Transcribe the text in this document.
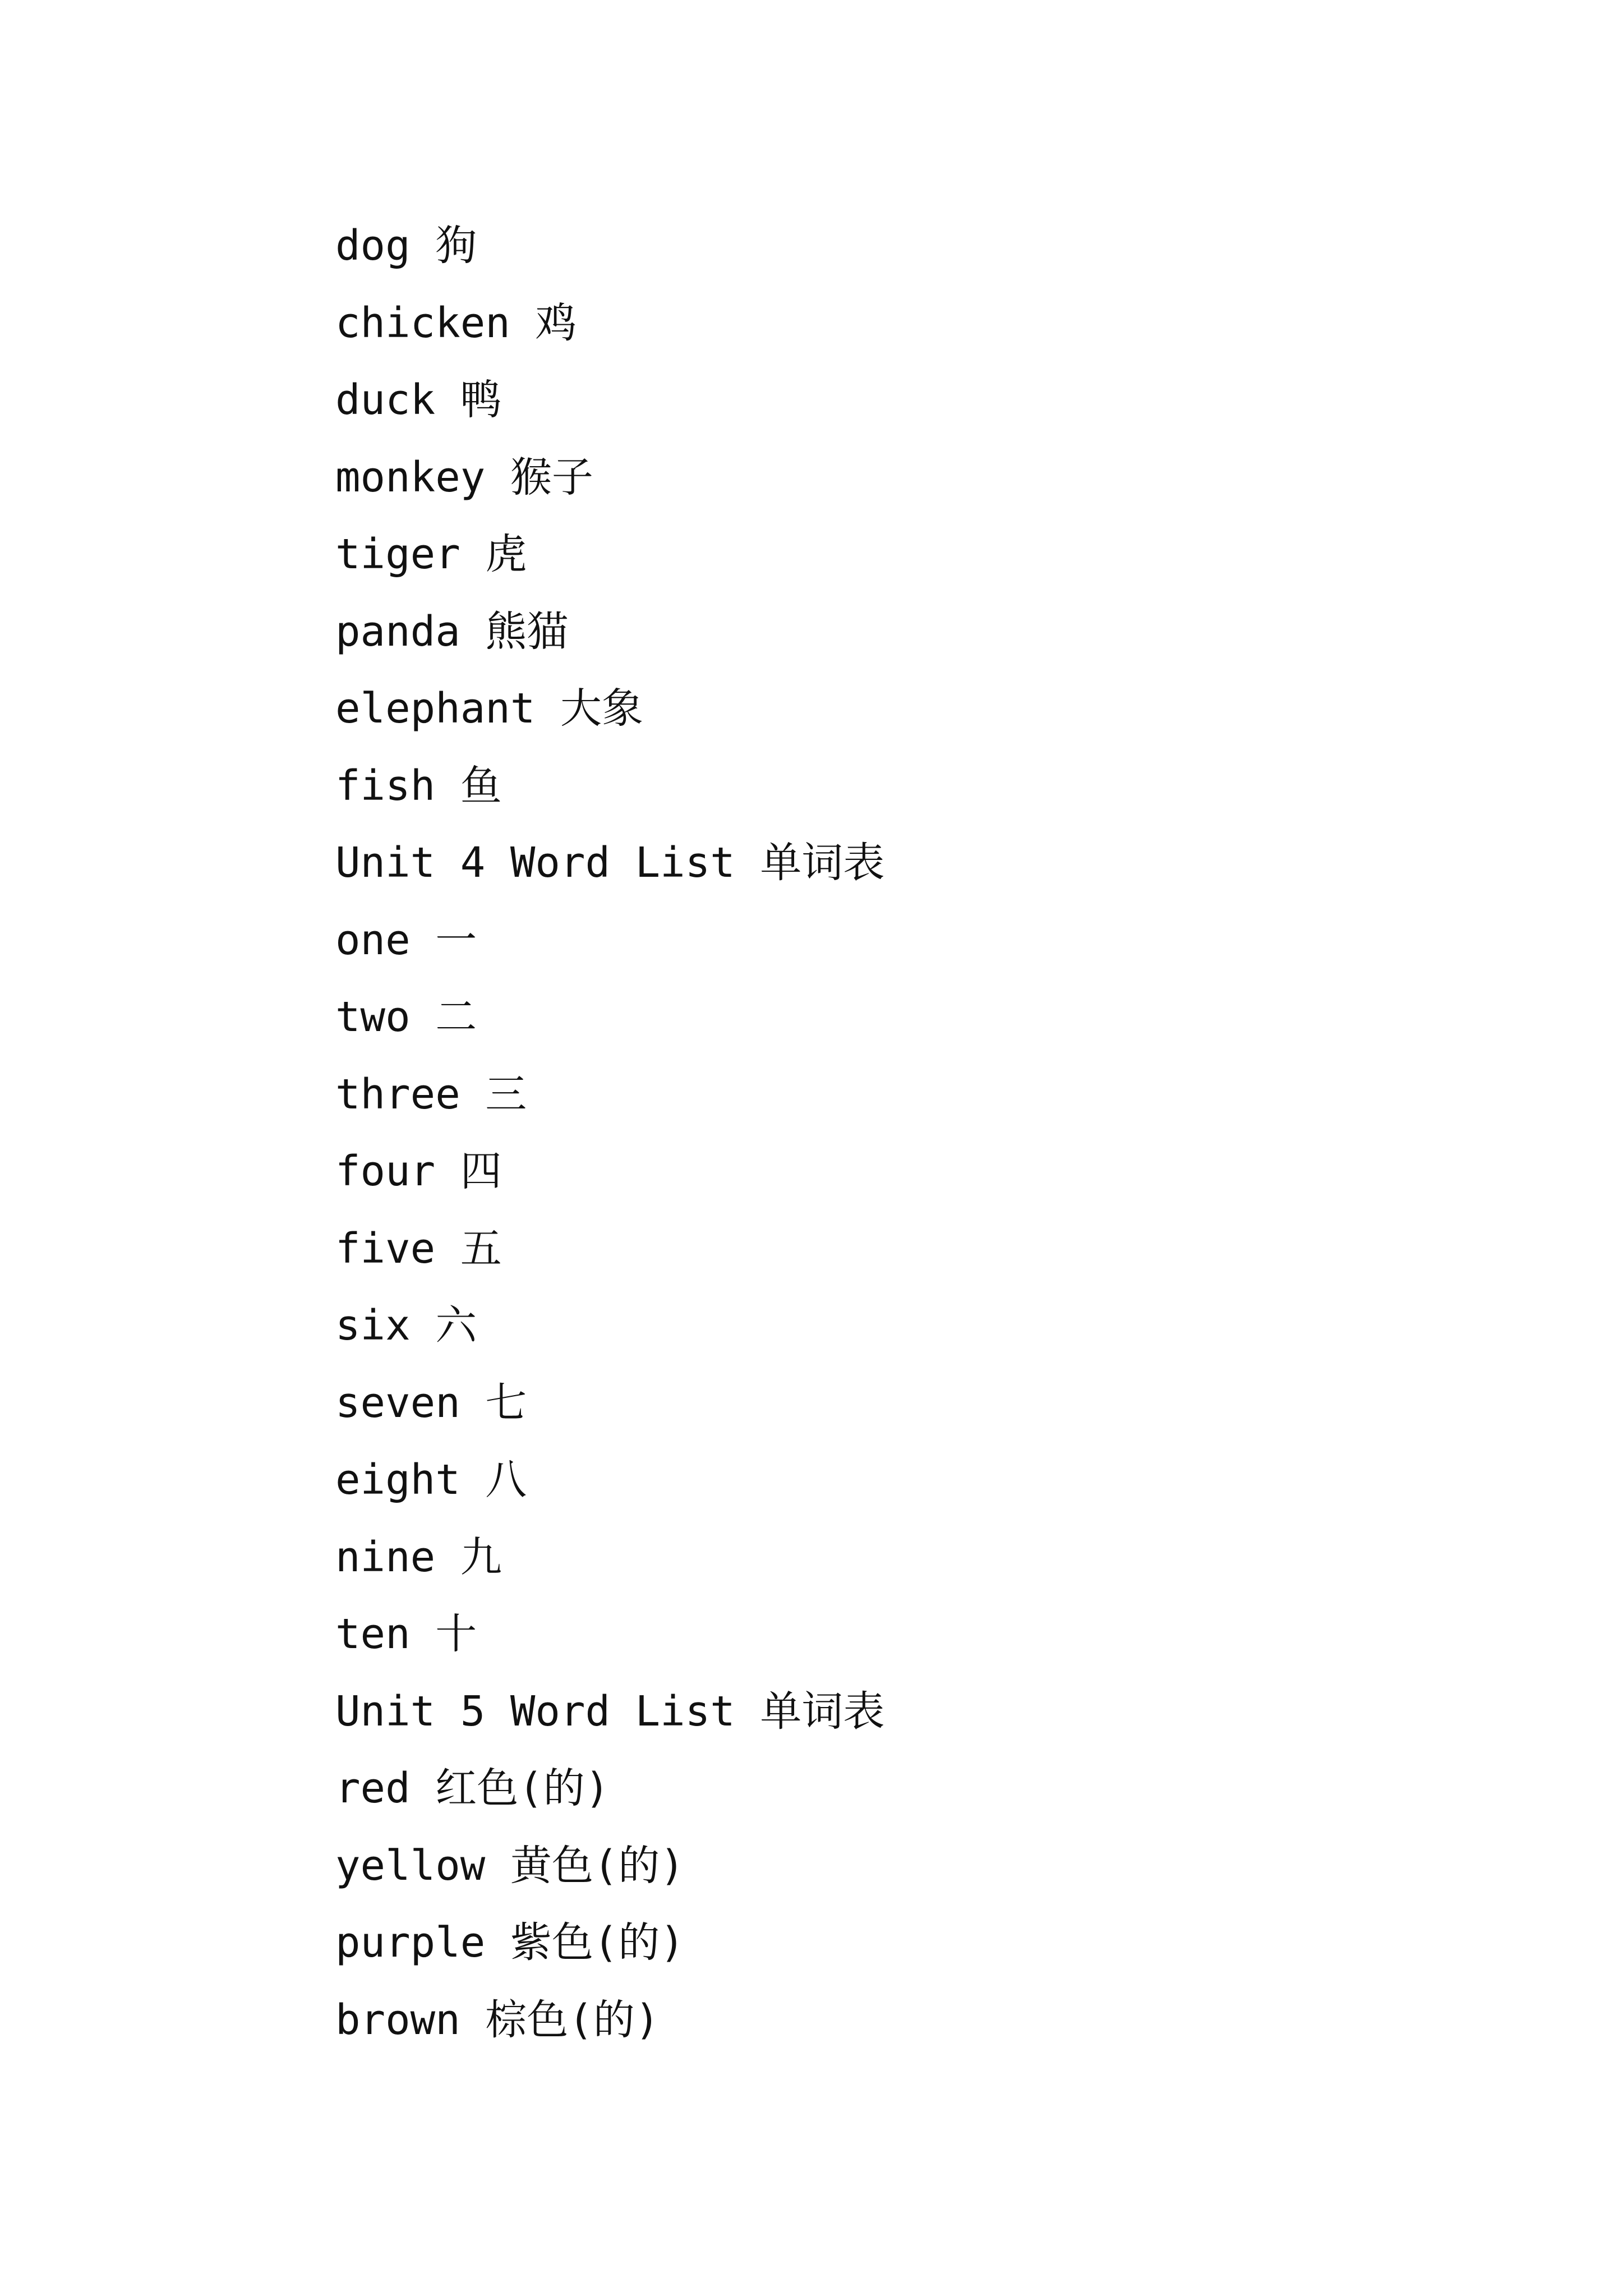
dog 狗
chicken 鸡
duck 鸭
monkey 猴子
tiger 虎
panda 熊猫
elephant 大象
fish 鱼
Unit 4 Word List 单词表
one 一
two 二
three 三
four 四
five 五
six 六
seven 七
eight 八
nine 九
ten 十
Unit 5 Word List 单词表
red 红色(的)
yellow 黄色(的)
purple 紫色(的)
brown 棕色(的)
